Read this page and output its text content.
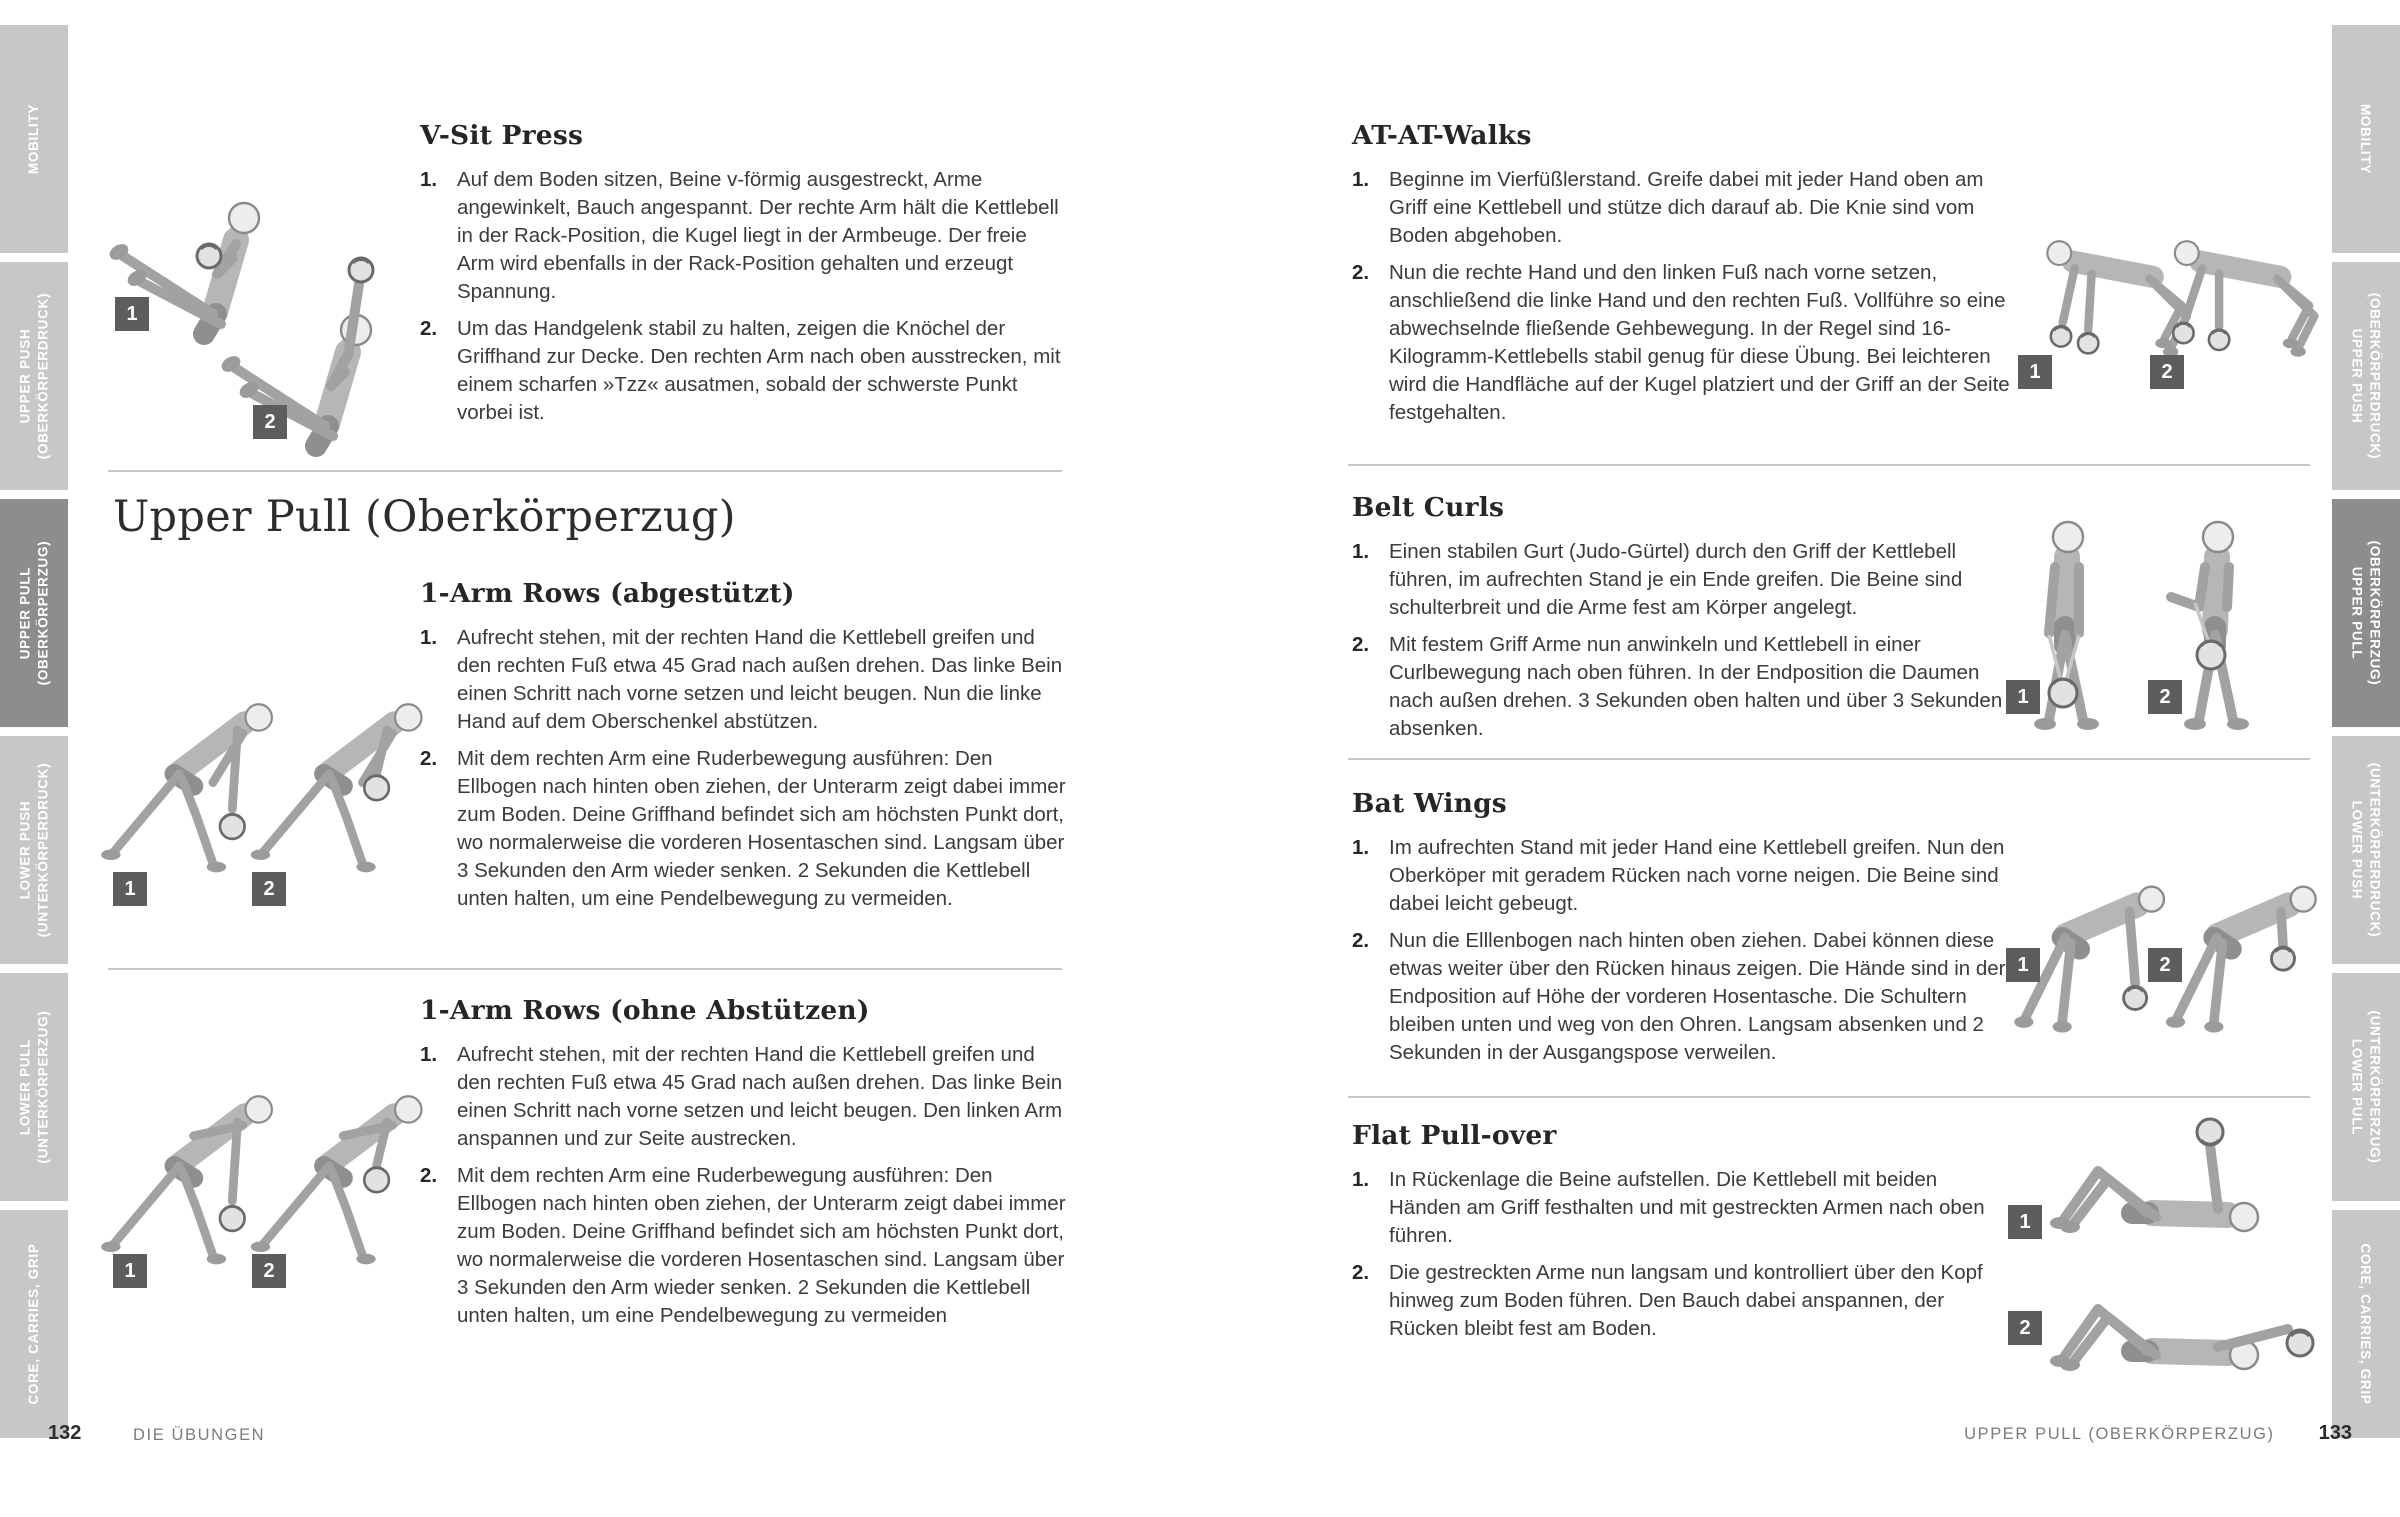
MOBILITY
UPPER PUSH (OBERKÖRPERDRUCK)
UPPER PULL (OBERKÖRPERZUG)
LOWER PUSH (UNTERKÖRPERDRUCK)
LOWER PULL (UNTERKÖRPERZUG)
CORE, CARRIES, GRIP
MOBILITY
UPPER PUSH (OBERKÖRPERDRUCK)
UPPER PULL (OBERKÖRPERZUG)
LOWER PUSH (UNTERKÖRPERDRUCK)
LOWER PULL (UNTERKÖRPERZUG)
CORE, CARRIES, GRIP
V-Sit Press
Auf dem Boden sitzen, Beine v-förmig ausgestreckt, Arme angewinkelt, Bauch angespannt. Der rechte Arm hält die Kettlebell in der Rack-Position, die Kugel liegt in der Armbeuge. Der freie Arm wird ebenfalls in der Rack-Position gehalten und erzeugt Spannung.
Um das Handgelenk stabil zu halten, zeigen die Knöchel der Griffhand zur Decke. Den rechten Arm nach oben ausstrecken, mit einem scharfen »Tzz« ausatmen, sobald der schwerste Punkt vorbei ist.
1
2
Upper Pull (Oberkörperzug)
1-Arm Rows (abgestützt)
Aufrecht stehen, mit der rechten Hand die Kettlebell greifen und den rechten Fuß etwa 45 Grad nach außen drehen. Das linke Bein einen Schritt nach vorne setzen und leicht beugen. Nun die linke Hand auf dem Oberschenkel abstützen.
Mit dem rechten Arm eine Ruderbewegung ausführen: Den Ellbogen nach hinten oben ziehen, der Unterarm zeigt dabei immer zum Boden. Deine Griffhand befindet sich am höchsten Punkt dort, wo normalerweise die vorderen Hosentaschen sind. Langsam über 3 Sekunden den Arm wieder senken. 2 Sekunden die Kettlebell unten halten, um eine Pendelbewegung zu vermeiden.
1	2
1-Arm Rows (ohne Abstützen)
Aufrecht stehen, mit der rechten Hand die Kettlebell greifen und den rechten Fuß etwa 45 Grad nach außen drehen. Das linke Bein einen Schritt nach vorne setzen und leicht beugen. Den linken Arm anspannen und zur Seite austrecken.
Mit dem rechten Arm eine Ruderbewegung ausführen: Den Ellbogen nach hinten oben ziehen, der Unterarm zeigt dabei immer zum Boden. Deine Griffhand befindet sich am höchsten Punkt dort, wo normalerweise die vorderen Hosentaschen sind. Langsam über 3 Sekunden den Arm wieder senken. 2 Sekunden die Kettlebell unten halten, um eine Pendelbewegung zu vermeiden
1	2
132	DIE ÜBUNGEN
AT-AT-Walks
Beginne im Vierfüßlerstand. Greife dabei mit jeder Hand oben am Griff eine Kettlebell und stütze dich darauf ab. Die Knie sind vom Boden abgehoben.
Nun die rechte Hand und den linken Fuß nach vorne setzen, anschließend die linke Hand und den rechten Fuß. Vollführe so eine abwechselnde fließende Gehbewegung. In der Regel sind 16-Kilogramm-Kettlebells stabil genug für diese Übung. Bei leichteren wird die Handfläche auf der Kugel platziert und der Griff an der Seite festgehalten.
1	2
Belt Curls
Einen stabilen Gurt (Judo-Gürtel) durch den Griff der Kettlebell führen, im aufrechten Stand je ein Ende greifen. Die Beine sind schulterbreit und die Arme fest am Körper angelegt.
Mit festem Griff Arme nun anwinkeln und Kettlebell in einer Curlbewegung nach oben führen. In der Endposition die Daumen nach außen drehen. 3 Sekunden oben halten und über 3 Sekunden absenken.
1	2
Bat Wings
Im aufrechten Stand mit jeder Hand eine Kettlebell greifen. Nun den Oberköper mit geradem Rücken nach vorne neigen. Die Beine sind dabei leicht gebeugt.
Nun die Elllenbogen nach hinten oben ziehen. Dabei können diese etwas weiter über den Rücken hinaus zeigen. Die Hände sind in der Endposition auf Höhe der vorderen Hosentasche. Die Schultern bleiben unten und weg von den Ohren. Langsam absenken und 2 Sekunden in der Ausgangspose verweilen.
1	2
Flat Pull-over
In Rückenlage die Beine aufstellen. Die Kettlebell mit beiden Händen am Griff festhalten und mit gestreckten Armen nach oben führen.
Die gestreckten Arme nun langsam und kontrolliert über den Kopf hinweg zum Boden führen. Den Bauch dabei anspannen, der Rücken bleibt fest am Boden.
1
2
UPPER PULL (OBERKÖRPERZUG) 133
